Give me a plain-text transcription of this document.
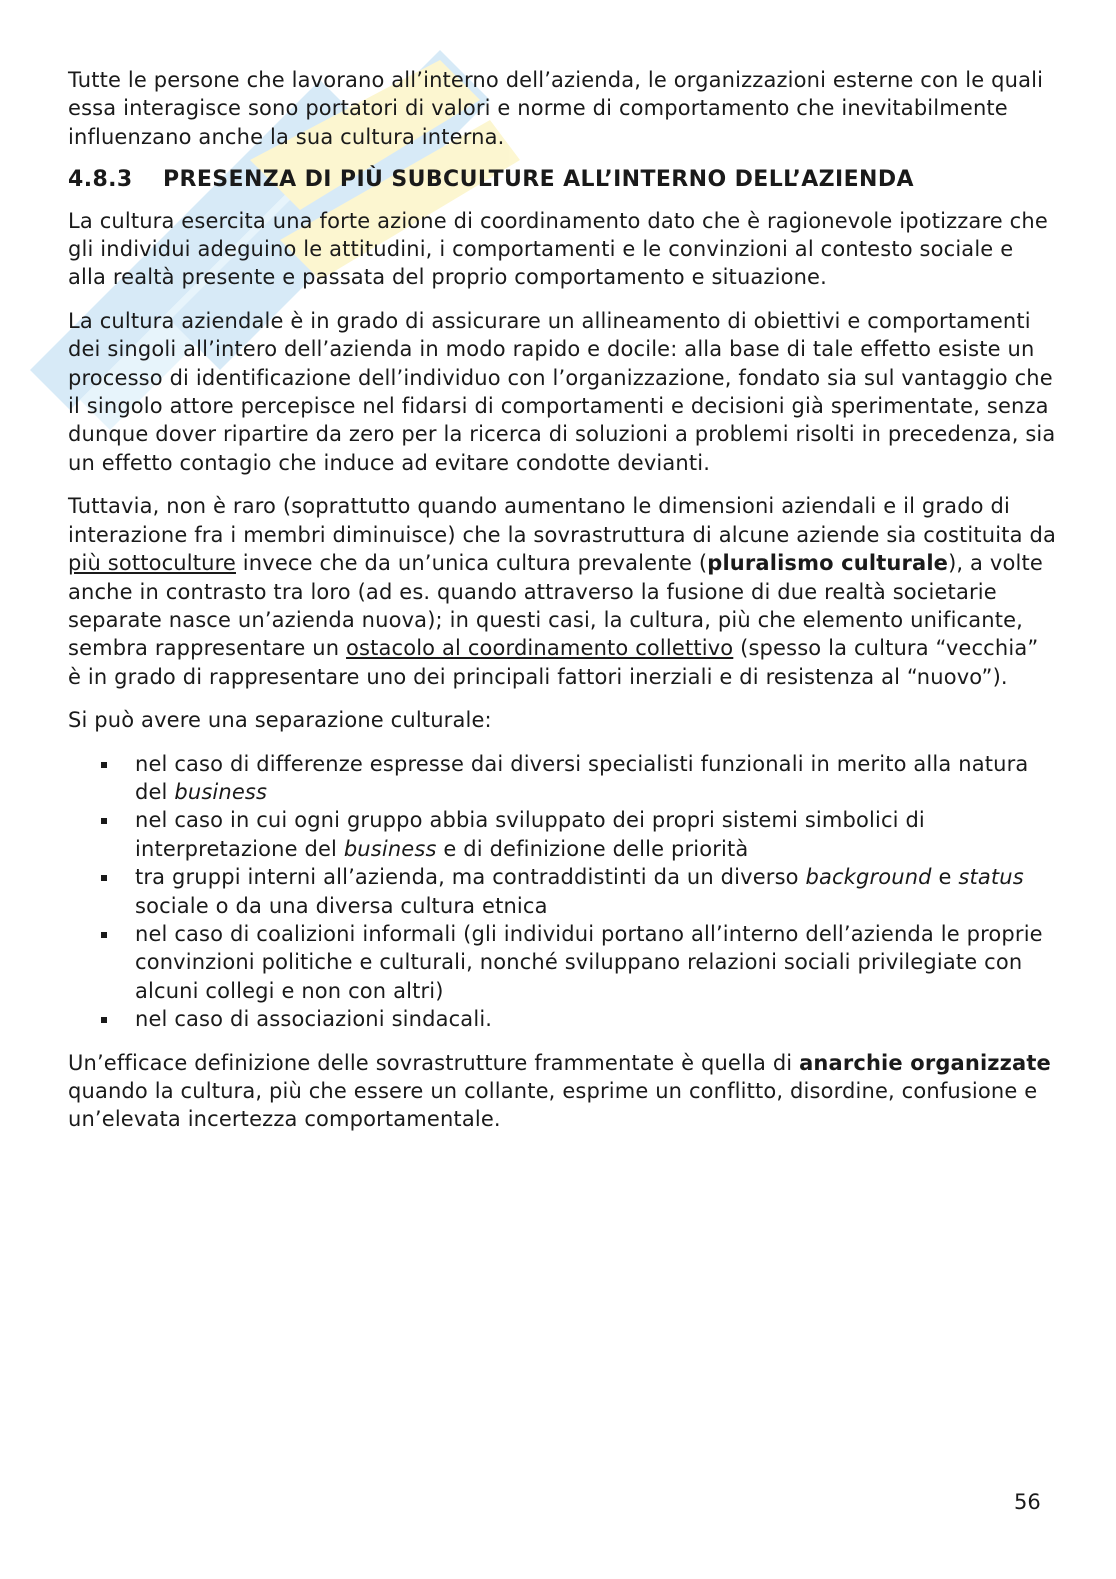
Tutte le persone che lavorano all’interno dell’azienda, le organizzazioni esterne con le quali essa interagisce sono portatori di valori e norme di comportamento che inevitabilmente influenzano anche la sua cultura interna.

4.8.3 PRESENZA DI PIÙ SUBCULTURE ALL’INTERNO DELL’AZIENDA

La cultura esercita una forte azione di coordinamento dato che è ragionevole ipotizzare che gli individui adeguino le attitudini, i comportamenti e le convinzioni al contesto sociale e alla realtà presente e passata del proprio comportamento e situazione.

La cultura aziendale è in grado di assicurare un allineamento di obiettivi e comportamenti dei singoli all’intero dell’azienda in modo rapido e docile: alla base di tale effetto esiste un processo di identificazione dell’individuo con l’organizzazione, fondato sia sul vantaggio che il singolo attore percepisce nel fidarsi di comportamenti e decisioni già sperimentate, senza dunque dover ripartire da zero per la ricerca di soluzioni a problemi risolti in precedenza, sia un effetto contagio che induce ad evitare condotte devianti.

Tuttavia, non è raro (soprattutto quando aumentano le dimensioni aziendali e il grado di interazione fra i membri diminuisce) che la sovrastruttura di alcune aziende sia costituita da più sottoculture invece che da un’unica cultura prevalente (pluralismo culturale), a volte anche in contrasto tra loro (ad es. quando attraverso la fusione di due realtà societarie separate nasce un’azienda nuova); in questi casi, la cultura, più che elemento unificante, sembra rappresentare un ostacolo al coordinamento collettivo (spesso la cultura “vecchia” è in grado di rappresentare uno dei principali fattori inerziali e di resistenza al “nuovo”).

Si può avere una separazione culturale:

nel caso di differenze espresse dai diversi specialisti funzionali in merito alla natura del business
nel caso in cui ogni gruppo abbia sviluppato dei propri sistemi simbolici di interpretazione del business e di definizione delle priorità
tra gruppi interni all’azienda, ma contraddistinti da un diverso background e status sociale o da una diversa cultura etnica
nel caso di coalizioni informali (gli individui portano all’interno dell’azienda le proprie convinzioni politiche e culturali, nonché sviluppano relazioni sociali privilegiate con alcuni collegi e non con altri)
nel caso di associazioni sindacali.

Un’efficace definizione delle sovrastrutture frammentate è quella di anarchie organizzate quando la cultura, più che essere un collante, esprime un conflitto, disordine, confusione e un’elevata incertezza comportamentale.

56
